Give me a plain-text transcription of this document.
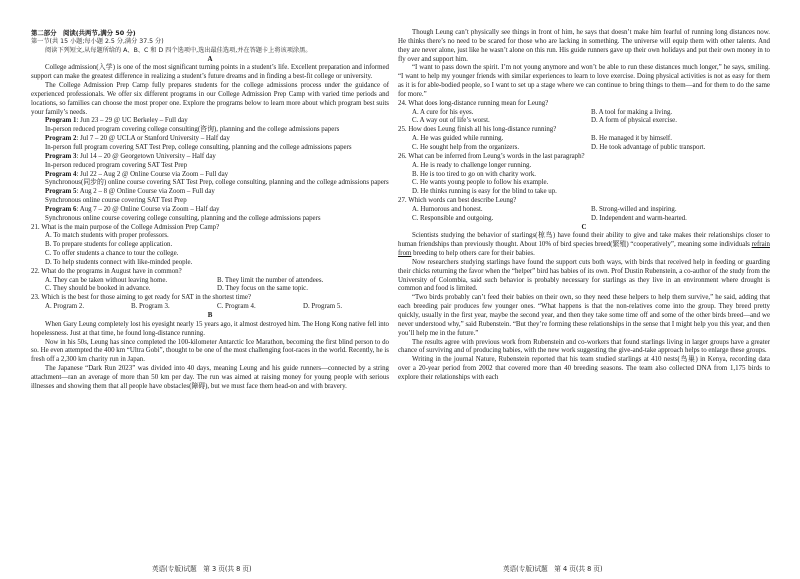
第二部分　阅读(共两节,满分 50 分)

第一节(共 15 小题;每小题 2.5 分,满分 37.5 分)

阅读下列短文,从每题所给的 A、B、C 和 D 四个选项中,选出最佳选项,并在答题卡上将该项涂黑。

A

College admission(入学) is one of the most significant turning points in a student’s life. Excellent preparation and informed support can make the greatest difference in realizing a student’s future dreams and in finding a best-fit college or university.

The College Admission Prep Camp fully prepares students for the college admissions process under the guidance of experienced professionals. We offer six different programs in our College Admission Prep Camp with varied time periods and locations, so families can choose the most proper one. Explore the programs below to learn more about which program best suits your family’s needs.

Program 1: Jun 23 – 29 @ UC Berkeley – Full day

In-person reduced program covering college consulting(咨询), planning and the college admissions papers

Program 2: Jul 7 – 20 @ UCLA or Stanford University – Half day

In-person full program covering SAT Test Prep, college consulting, planning and the college admissions papers

Program 3: Jul 14 – 20 @ Georgetown University – Half day

In-person reduced program covering SAT Test Prep

Program 4: Jul 22 – Aug 2 @ Online Course via Zoom – Full day

Synchronous(同步的) online course covering SAT Test Prep, college consulting, planning and the college admissions papers

Program 5: Aug 2 – 8 @ Online Course via Zoom – Full day

Synchronous online course covering SAT Test Prep

Program 6: Aug 7 – 20 @ Online Course via Zoom – Half day

Synchronous online course covering college consulting, planning and the college admissions papers

21. What is the main purpose of the College Admission Prep Camp?

A. To match students with proper professors.

B. To prepare students for college application.

C. To offer students a chance to tour the college.

D. To help students connect with like-minded people.

22. What do the programs in August have in common?

A. They can be taken without leaving home.	B. They limit the number of attendees.
C. They should be booked in advance.	D. They focus on the same topic.

23. Which is the best for those aiming to get ready for SAT in the shortest time?

A. Program 2.	B. Program 3.	C. Program 4.	D. Program 5.

B

When Gary Leung completely lost his eyesight nearly 15 years ago, it almost destroyed him. The Hong Kong native fell into hopelessness. Just at that time, he found long-distance running.

Now in his 50s, Leung has since completed the 100-kilometer Antarctic Ice Marathon, becoming the first blind person to do so. He even attempted the 400 km “Ultra Gobi”, thought to be one of the most challenging foot-races in the world. Recently, he is fresh off a 2,300 km charity run in Japan.

The Japanese “Dark Run 2023” was divided into 40 days, meaning Leung and his guide runners—connected by a string attachment—ran an average of more than 50 km per day. The run was aimed at raising money for young people with serious illnesses and showing them that all people have obstacles(障碍), but we must face them head-on and with bravery.

Though Leung can’t physically see things in front of him, he says that doesn’t make him fearful of running long distances now. He thinks there’s no need to be scared for those who are lacking in something. The universe will equip them with other talents. And they are never alone, just like he wasn’t alone on this run. His guide runners gave up their own holidays and put their own money in to fly over and support him.

“I want to pass down the spirit. I’m not young anymore and won’t be able to run these distances much longer,” he says, smiling. “I want to help my younger friends with similar experiences to learn to love exercise. Doing physical activities is not as easy for them as it is for able-bodied people, so I want to set up a stage where we can continue to bring things to them—and for them to do the same for more.”

24. What does long-distance running mean for Leung?

A. A cure for his eyes.	B. A tool for making a living.
C. A way out of life’s worst.	D. A form of physical exercise.

25. How does Leung finish all his long-distance running?

A. He was guided while running.	B. He managed it by himself.
C. He sought help from the organizers.	D. He took advantage of public transport.

26. What can be inferred from Leung’s words in the last paragraph?

A. He is ready to challenge longer running.

B. He is too tired to go on with charity work.

C. He wants young people to follow his example.

D. He thinks running is easy for the blind to take up.

27. Which words can best describe Leung?

A. Humorous and honest.	B. Strong-willed and inspiring.
C. Responsible and outgoing.	D. Independent and warm-hearted.

C

Scientists studying the behavior of starlings(椋鸟) have found their ability to give and take makes their relationships closer to human friendships than previously thought. About 10% of bird species breed(繁殖) “cooperatively”, meaning some individuals refrain from breeding to help others care for their babies.

Now researchers studying starlings have found the support cuts both ways, with birds that received help in feeding or guarding their chicks returning the favor when the “helper” bird has babies of its own. Prof Dustin Rubenstein, a co-author of the study from the University of Colombia, said such behavior is probably necessary for starlings as they live in an environment where drought is common and food is limited.

“Two birds probably can’t feed their babies on their own, so they need these helpers to help them survive,” he said, adding that each breeding pair produces few younger ones. “What happens is that the non-relatives come into the group. They breed pretty quickly, usually in the first year, maybe the second year, and then they take some time off and some of the other birds breed—and we never understood why,” said Rubenstein. “But they’re forming these relationships in the sense that I might help you this year, and then you’ll help me in the future.”

The results agree with previous work from Rubenstein and co-workers that found starlings living in larger groups have a greater chance of surviving and of producing babies, with the new work suggesting the give-and-take approach helps to enlarge these groups.

Writing in the journal Nature, Rubenstein reported that his team studied starlings at 410 nests(鸟巢) in Kenya, recording data over a 20-year period from 2002 that covered more than 40 breeding seasons. The team also collected DNA from 1,175 birds to explore their relationships with each

英语(专版)试题　第 3 页(共 8 页)	英语(专版)试题　第 4 页(共 8 页)
